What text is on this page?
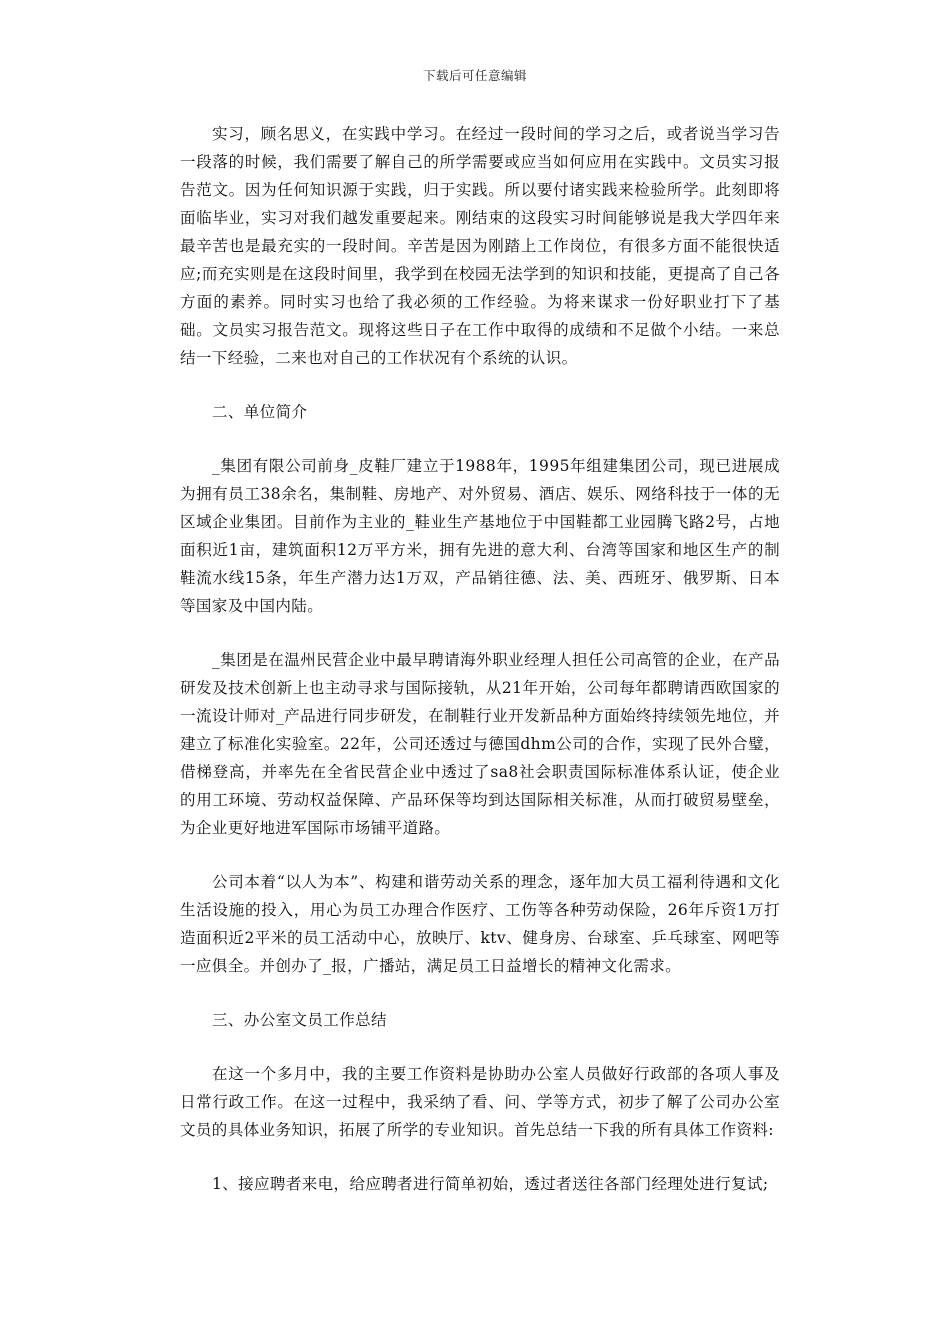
下载后可任意编辑

实习，顾名思义，在实践中学习。在经过一段时间的学习之后，或者说当学习告一段落的时候，我们需要了解自己的所学需要或应当如何应用在实践中。文员实习报告范文。因为任何知识源于实践，归于实践。所以要付诸实践来检验所学。此刻即将面临毕业，实习对我们越发重要起来。刚结束的这段实习时间能够说是我大学四年来最辛苦也是最充实的一段时间。辛苦是因为刚踏上工作岗位，有很多方面不能很快适应;而充实则是在这段时间里，我学到在校园无法学到的知识和技能，更提高了自己各方面的素养。同时实习也给了我必须的工作经验。为将来谋求一份好职业打下了基础。文员实习报告范文。现将这些日子在工作中取得的成绩和不足做个小结。一来总结一下经验，二来也对自己的工作状况有个系统的认识。

二、单位简介

_集团有限公司前身_皮鞋厂建立于1988年，1995年组建集团公司，现已进展成为拥有员工38余名，集制鞋、房地产、对外贸易、酒店、娱乐、网络科技于一体的无区域企业集团。目前作为主业的_鞋业生产基地位于中国鞋都工业园腾飞路2号，占地面积近1亩，建筑面积12万平方米，拥有先进的意大利、台湾等国家和地区生产的制鞋流水线15条，年生产潜力达1万双，产品销往德、法、美、西班牙、俄罗斯、日本等国家及中国内陆。

_集团是在温州民营企业中最早聘请海外职业经理人担任公司高管的企业，在产品研发及技术创新上也主动寻求与国际接轨，从21年开始，公司每年都聘请西欧国家的一流设计师对_产品进行同步研发，在制鞋行业开发新品种方面始终持续领先地位，并建立了标准化实验室。22年，公司还透过与德国dhm公司的合作，实现了民外合璧，借梯登高，并率先在全省民营企业中透过了sa8社会职责国际标准体系认证，使企业的用工环境、劳动权益保障、产品环保等均到达国际相关标准，从而打破贸易壁垒，为企业更好地进军国际市场铺平道路。

公司本着“以人为本”、构建和谐劳动关系的理念，逐年加大员工福利待遇和文化生活设施的投入，用心为员工办理合作医疗、工伤等各种劳动保险，26年斥资1万打造面积近2平米的员工活动中心，放映厅、ktv、健身房、台球室、乒乓球室、网吧等一应俱全。并创办了_报，广播站，满足员工日益增长的精神文化需求。

三、办公室文员工作总结

在这一个多月中，我的主要工作资料是协助办公室人员做好行政部的各项人事及日常行政工作。在这一过程中，我采纳了看、问、学等方式，初步了解了公司办公室文员的具体业务知识，拓展了所学的专业知识。首先总结一下我的所有具体工作资料:

1、接应聘者来电，给应聘者进行简单初始，透过者送往各部门经理处进行复试;
